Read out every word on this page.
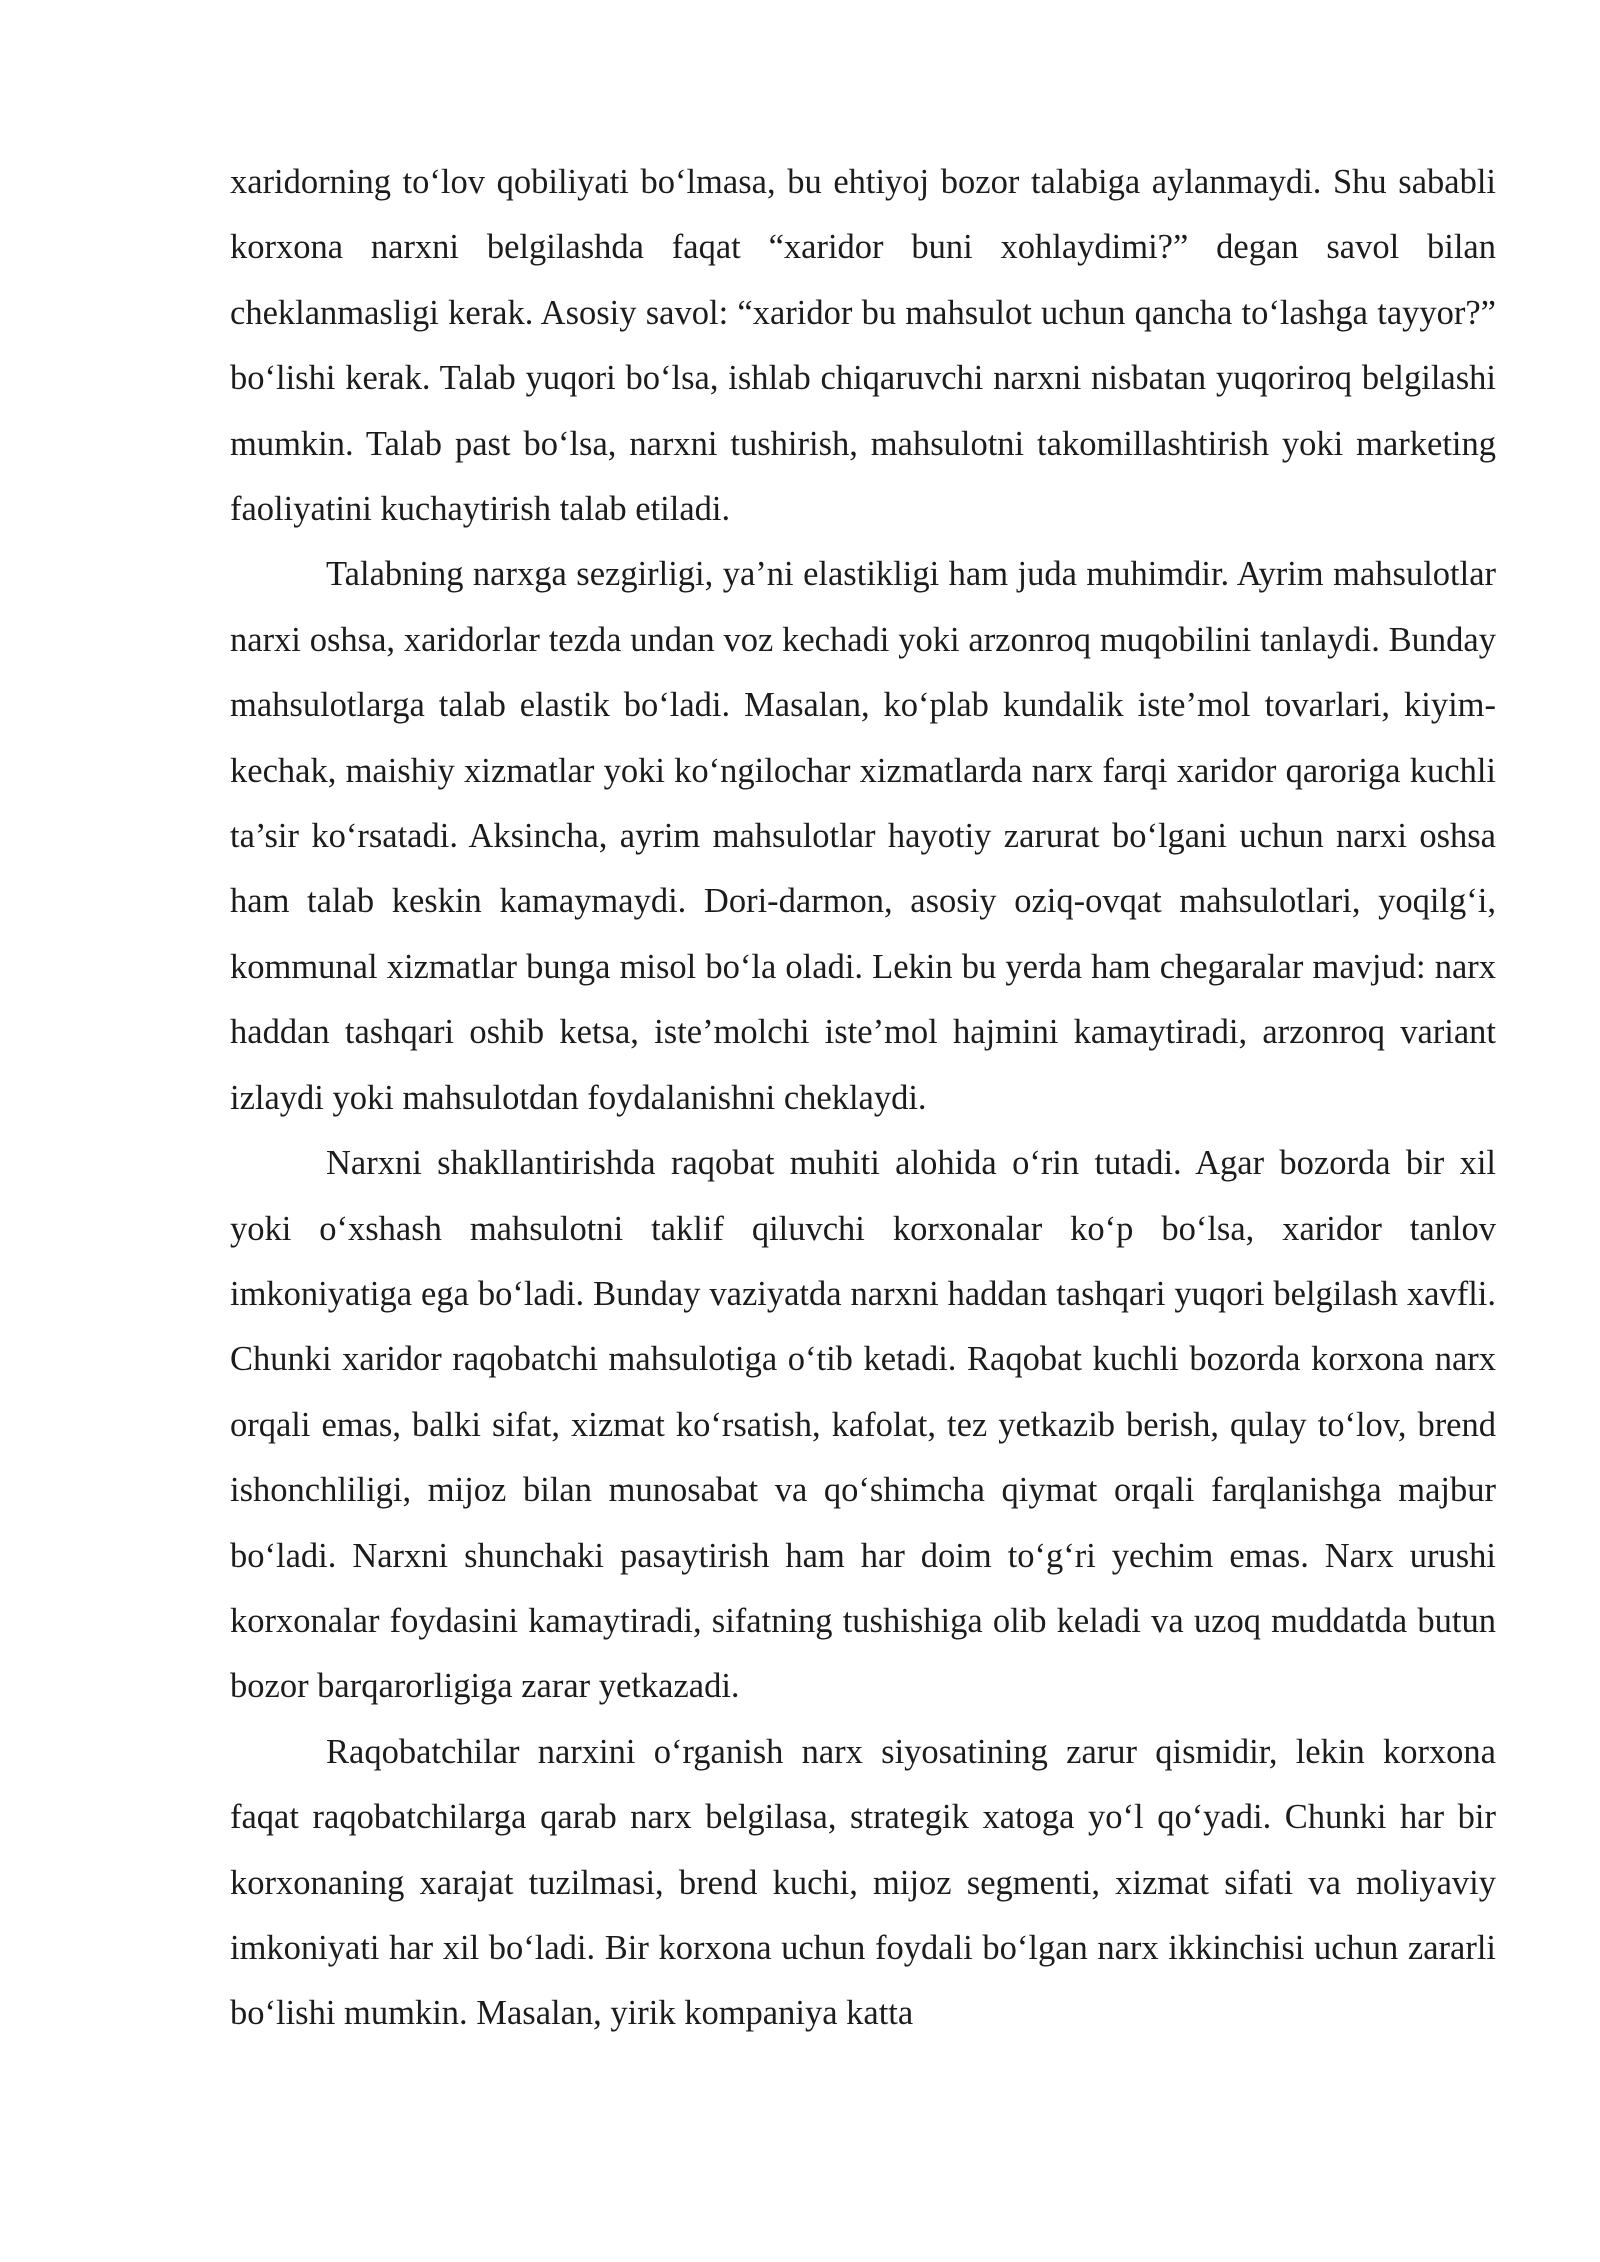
xaridorning to‘lov qobiliyati bo‘lmasa, bu ehtiyoj bozor talabiga aylanmaydi. Shu sababli korxona narxni belgilashda faqat “xaridor buni xohlaydimi?” degan savol bilan cheklanmasligi kerak. Asosiy savol: “xaridor bu mahsulot uchun qancha to‘lashga tayyor?” bo‘lishi kerak. Talab yuqori bo‘lsa, ishlab chiqaruvchi narxni nisbatan yuqoriroq belgilashi mumkin. Talab past bo‘lsa, narxni tushirish, mahsulotni takomillashtirish yoki marketing faoliyatini kuchaytirish talab etiladi.

Talabning narxga sezgirligi, ya’ni elastikligi ham juda muhimdir. Ayrim mahsulotlar narxi oshsa, xaridorlar tezda undan voz kechadi yoki arzonroq muqobilini tanlaydi. Bunday mahsulotlarga talab elastik bo‘ladi. Masalan, ko‘plab kundalik iste’mol tovarlari, kiyim-kechak, maishiy xizmatlar yoki ko‘ngilochar xizmatlarda narx farqi xaridor qaroriga kuchli ta’sir ko‘rsatadi. Aksincha, ayrim mahsulotlar hayotiy zarurat bo‘lgani uchun narxi oshsa ham talab keskin kamaymaydi. Dori-darmon, asosiy oziq-ovqat mahsulotlari, yoqilg‘i, kommunal xizmatlar bunga misol bo‘la oladi. Lekin bu yerda ham chegaralar mavjud: narx haddan tashqari oshib ketsa, iste’molchi iste’mol hajmini kamaytiradi, arzonroq variant izlaydi yoki mahsulotdan foydalanishni cheklaydi.

Narxni shakllantirishda raqobat muhiti alohida o‘rin tutadi. Agar bozorda bir xil yoki o‘xshash mahsulotni taklif qiluvchi korxonalar ko‘p bo‘lsa, xaridor tanlov imkoniyatiga ega bo‘ladi. Bunday vaziyatda narxni haddan tashqari yuqori belgilash xavfli. Chunki xaridor raqobatchi mahsulotiga o‘tib ketadi. Raqobat kuchli bozorda korxona narx orqali emas, balki sifat, xizmat ko‘rsatish, kafolat, tez yetkazib berish, qulay to‘lov, brend ishonchliligi, mijoz bilan munosabat va qo‘shimcha qiymat orqali farqlanishga majbur bo‘ladi. Narxni shunchaki pasaytirish ham har doim to‘g‘ri yechim emas. Narx urushi korxonalar foydasini kamaytiradi, sifatning tushishiga olib keladi va uzoq muddatda butun bozor barqarorligiga zarar yetkazadi.

Raqobatchilar narxini o‘rganish narx siyosatining zarur qismidir, lekin korxona faqat raqobatchilarga qarab narx belgilasa, strategik xatoga yo‘l qo‘yadi. Chunki har bir korxonaning xarajat tuzilmasi, brend kuchi, mijoz segmenti, xizmat sifati va moliyaviy imkoniyati har xil bo‘ladi. Bir korxona uchun foydali bo‘lgan narx ikkinchisi uchun zararli bo‘lishi mumkin. Masalan, yirik kompaniya katta
